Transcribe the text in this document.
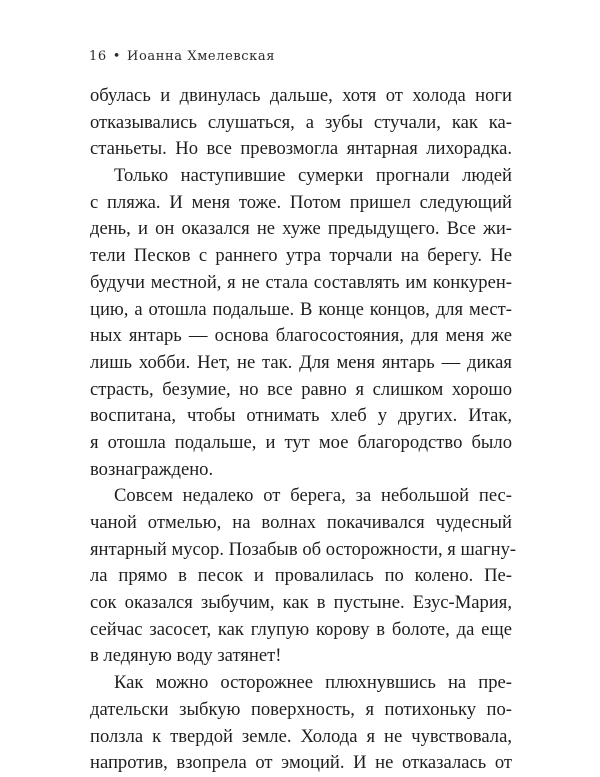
16 • Иоанна Хмелевская
обулась и двинулась дальше, хотя от холода ноги
отказывались слушаться, а зубы стучали, как ка-
станьеты. Но все превозмогла янтарная лихорадка.
Только наступившие сумерки прогнали людей
с пляжа. И меня тоже. Потом пришел следующий
день, и он оказался не хуже предыдущего. Все жи-
тели Песков с раннего утра торчали на берегу. Не
будучи местной, я не стала составлять им конкурен-
цию, а отошла подальше. В конце концов, для мест-
ных янтарь — основа благосостояния, для меня же
лишь хобби. Нет, не так. Для меня янтарь — дикая
страсть, безумие, но все равно я слишком хорошо
воспитана, чтобы отнимать хлеб у других. Итак,
я отошла подальше, и тут мое благородство было
вознаграждено.
Совсем недалеко от берега, за небольшой пес-
чаной отмелью, на волнах покачивался чудесный
янтарный мусор. Позабыв об осторожности, я шагну-
ла прямо в песок и провалилась по колено. Пе-
сок оказался зыбучим, как в пустыне. Езус-Мария,
сейчас засосет, как глупую корову в болоте, да еще
в ледяную воду затянет!
Как можно осторожнее плюхнувшись на пре-
дательски зыбкую поверхность, я потихоньку по-
ползла к твердой земле. Холода я не чувствовала,
напротив, взопрела от эмоций. И не отказалась от
